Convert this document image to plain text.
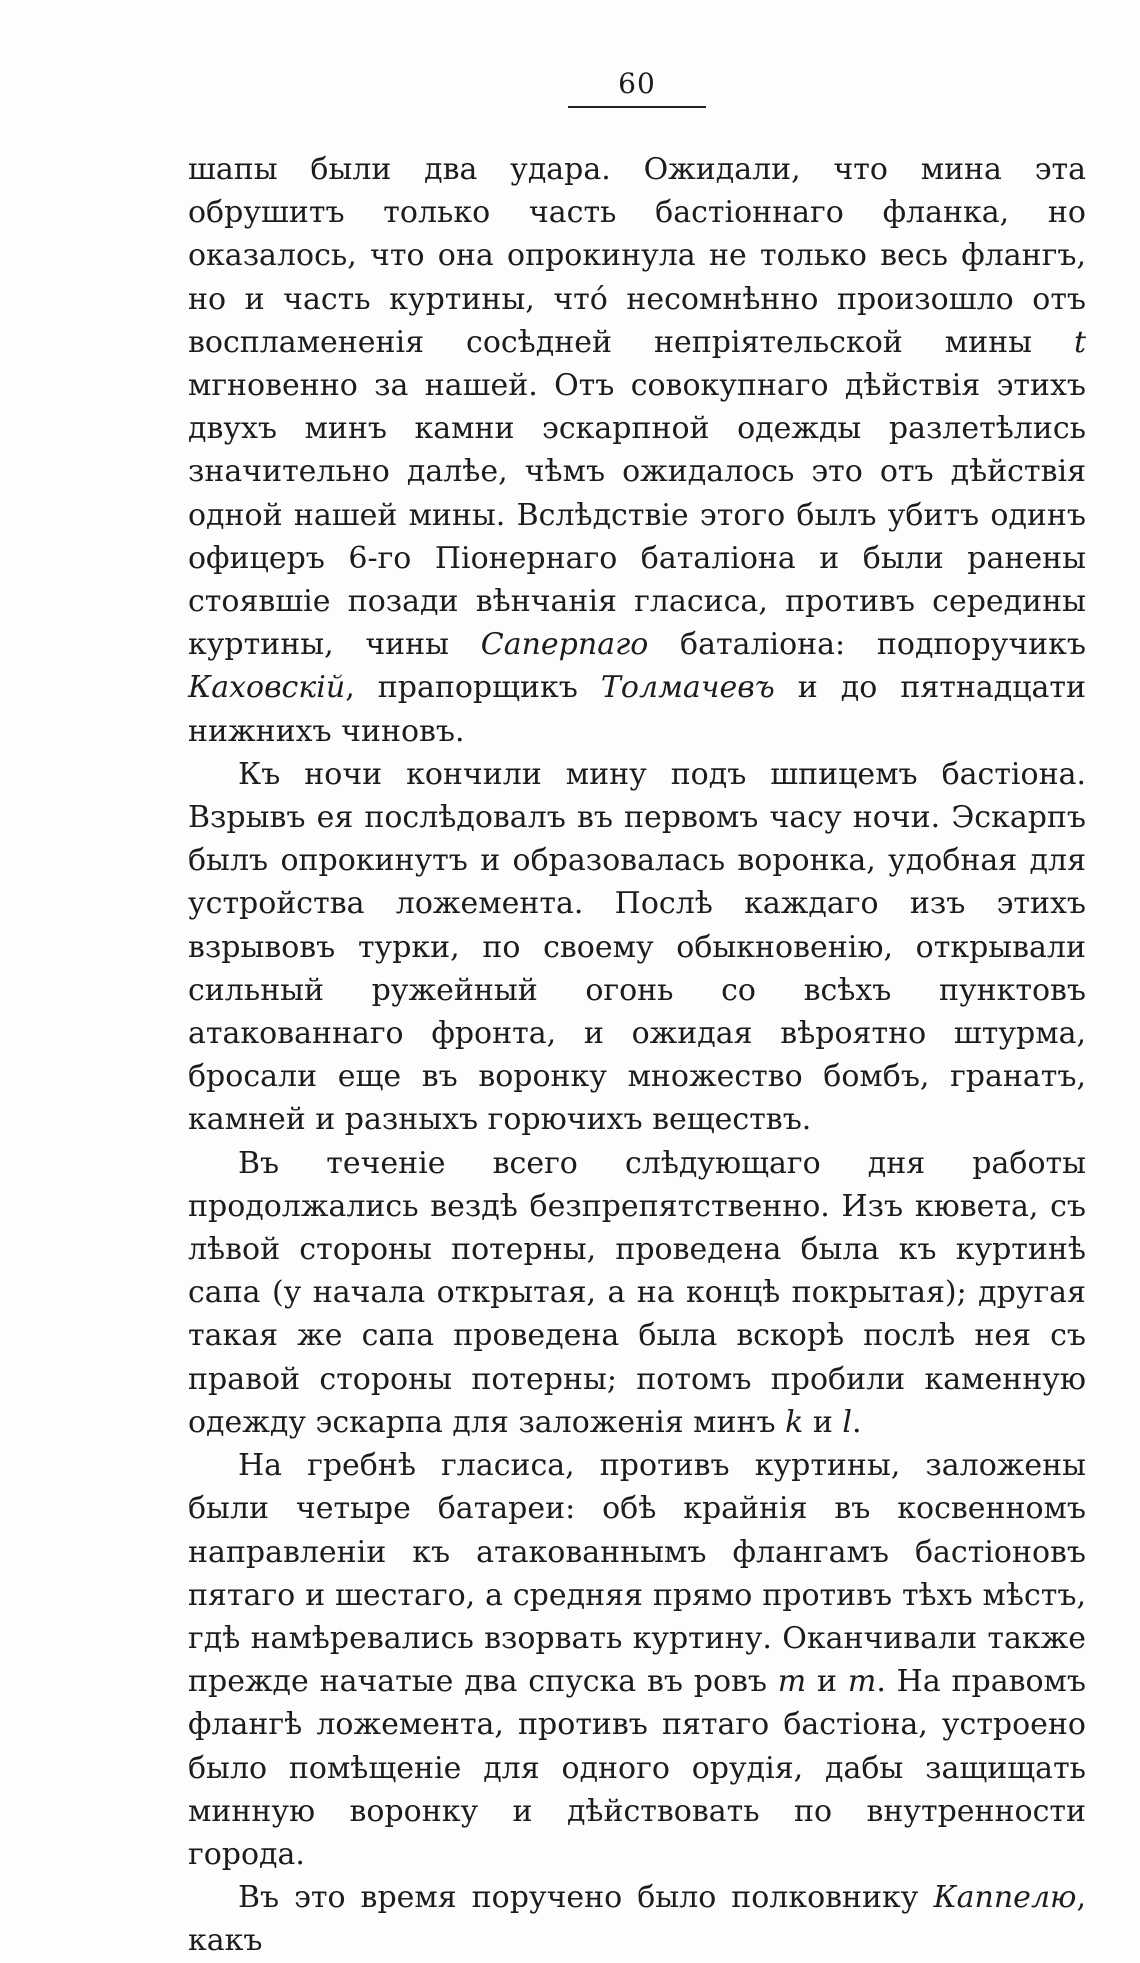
60

шапы были два удара. Ожидали, что мина эта обрушитъ только часть бастіоннаго фланка, но оказалось, что она опрокинула не только весь флангъ, но и часть куртины, чтó несомнѣнно произошло отъ воспламененія сосѣдней непріятельской мины t мгновенно за нашей. Отъ совокупнаго дѣйствія этихъ двухъ минъ камни эскарпной одежды разлетѣлись значительно далѣе, чѣмъ ожидалось это отъ дѣйствія одной нашей мины. Вслѣдствіе этого былъ убитъ одинъ офицеръ 6-го Піонернаго баталіона и были ранены стоявшіе позади вѣнчанія гласиса, противъ середины куртины, чины Саперпаго баталіона: подпоручикъ Каховскій, прапорщикъ Толмачевъ и до пятнадцати нижнихъ чиновъ.

Къ ночи кончили мину подъ шпицемъ бастіона. Взрывъ ея послѣдовалъ въ первомъ часу ночи. Эскарпъ былъ опрокинутъ и образовалась воронка, удобная для устройства ложемента. Послѣ каждаго изъ этихъ взрывовъ турки, по своему обыкновенію, открывали сильный ружейный огонь со всѣхъ пунктовъ атакованнаго фронта, и ожидая вѣроятно штурма, бросали еще въ воронку множество бомбъ, гранатъ, камней и разныхъ горючихъ веществъ.

Въ теченіе всего слѣдующаго дня работы продолжались вездѣ безпрепятственно. Изъ кювета, съ лѣвой стороны потерны, проведена была къ куртинѣ сапа (у начала открытая, а на концѣ покрытая); другая такая же сапа проведена была вскорѣ послѣ нея съ правой стороны потерны; потомъ пробили каменную одежду эскарпа для заложенія минъ k и l.

На гребнѣ гласиса, противъ куртины, заложены были четыре батареи: обѣ крайнія въ косвенномъ направленіи къ атакованнымъ флангамъ бастіоновъ пятаго и шестаго, а средняя прямо противъ тѣхъ мѣстъ, гдѣ намѣревались взорвать куртину. Оканчивали также прежде начатые два спуска въ ровъ m и m. На правомъ флангѣ ложемента, противъ пятаго бастіона, устроено было помѣщеніе для одного орудія, дабы защищать минную воронку и дѣйствовать по внутренности города.

Въ это время поручено было полковнику Каппелю, какъ
